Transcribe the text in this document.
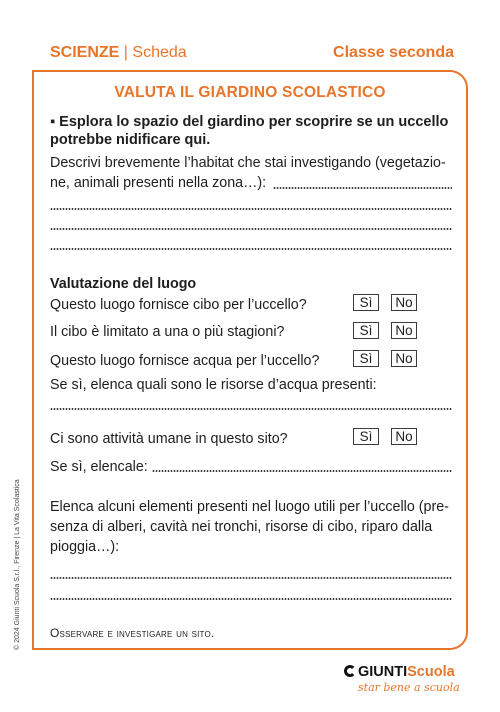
SCIENZE | Scheda	Classe seconda
VALUTA IL GIARDINO SCOLASTICO
▪ Esplora lo spazio del giardino per scoprire se un uccello potrebbe nidificare qui.
Descrivi brevemente l’habitat che stai investigando (vegetazio-
ne, animali presenti nella zona…):
Valutazione del luogo
Questo luogo fornisce cibo per l’uccello?	Sì	No
Il cibo è limitato a una o più stagioni?	Sì	No
Questo luogo fornisce acqua per l’uccello?	Sì	No
Se sì, elenca quali sono le risorse d’acqua presenti:
Ci sono attività umane in questo sito?	Sì	No
Se sì, elencale:
Elenca alcuni elementi presenti nel luogo utili per l’uccello (pre-
senza di alberi, cavità nei tronchi, risorse di cibo, riparo dalla
pioggia…):
Osservare e investigare un sito.
© 2024 Giunti Scuola S.r.l., Firenze | La Vita Scolastica
GIUNTIScuola
star bene a scuola
